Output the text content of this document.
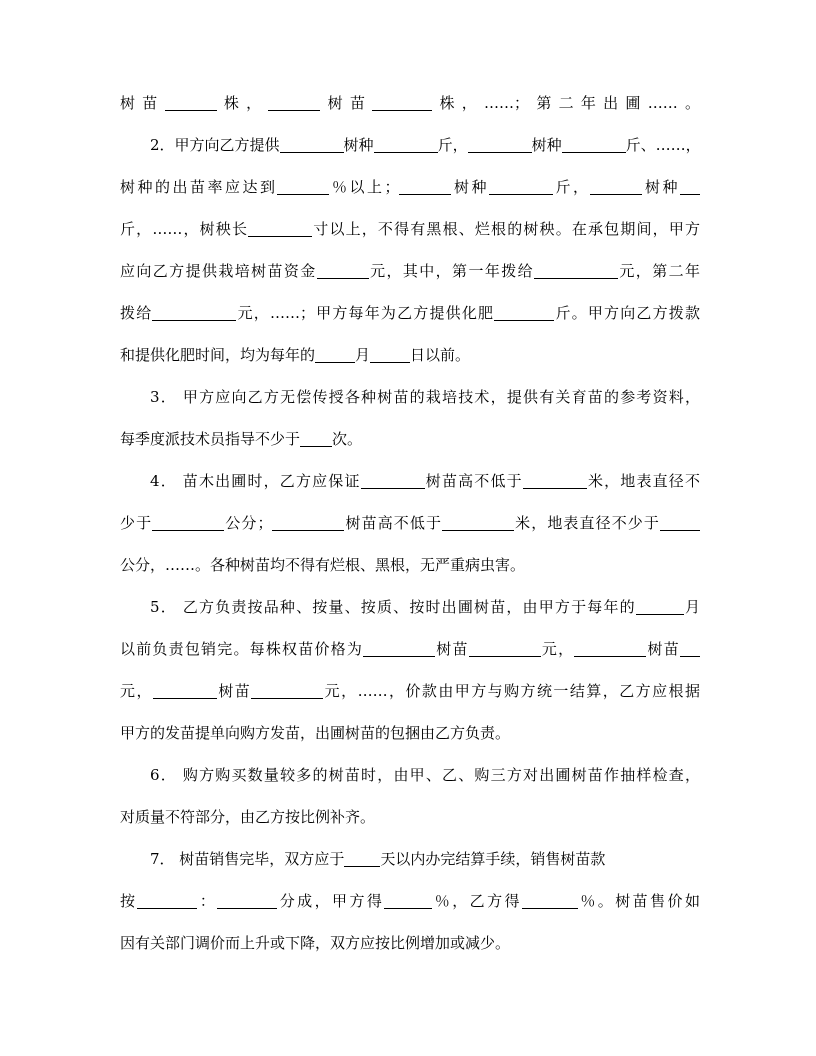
树苗	株，	树苗	株，……；第二年出圃……。
2．甲方向乙方提供	树种	斤，	树种	斤、……，
树种的出苗率应达到	％以上；	树种	斤，	树种
斤，……，树秧长	寸以上，不得有黑根、烂根的树秧。在承包期间，甲方
应向乙方提供栽培树苗资金	元，其中，第一年拨给	元，第二年
拨给	元，……；甲方每年为乙方提供化肥	斤。甲方向乙方拨款
和提供化肥时间，均为每年的	月	日以前。
3． 甲方应向乙方无偿传授各种树苗的栽培技术，提供有关育苗的参考资料，
每季度派技术员指导不少于 次。
4． 苗木出圃时，乙方应保证	树苗高不低于	米，地表直径不
少于	公分；	树苗高不低于	米，地表直径不少于
公分，……。各种树苗均不得有烂根、黑根，无严重病虫害。
5． 乙方负责按品种、按量、按质、按时出圃树苗，由甲方于每年的	月
以前负责包销完。每株权苗价格为	树苗	元，	树苗
元，	树苗	元，……，价款由甲方与购方统一结算，乙方应根据
甲方的发苗提单向购方发苗，出圃树苗的包捆由乙方负责。
6． 购方购买数量较多的树苗时，由甲、乙、购三方对出圃树苗作抽样检查，
对质量不符部分，由乙方按比例补齐。
7． 树苗销售完毕，双方应于 天以内办完结算手续，销售树苗款
按	：	分成，甲方得	％，乙方得	％。树苗售价如
因有关部门调价而上升或下降，双方应按比例增加或减少。
